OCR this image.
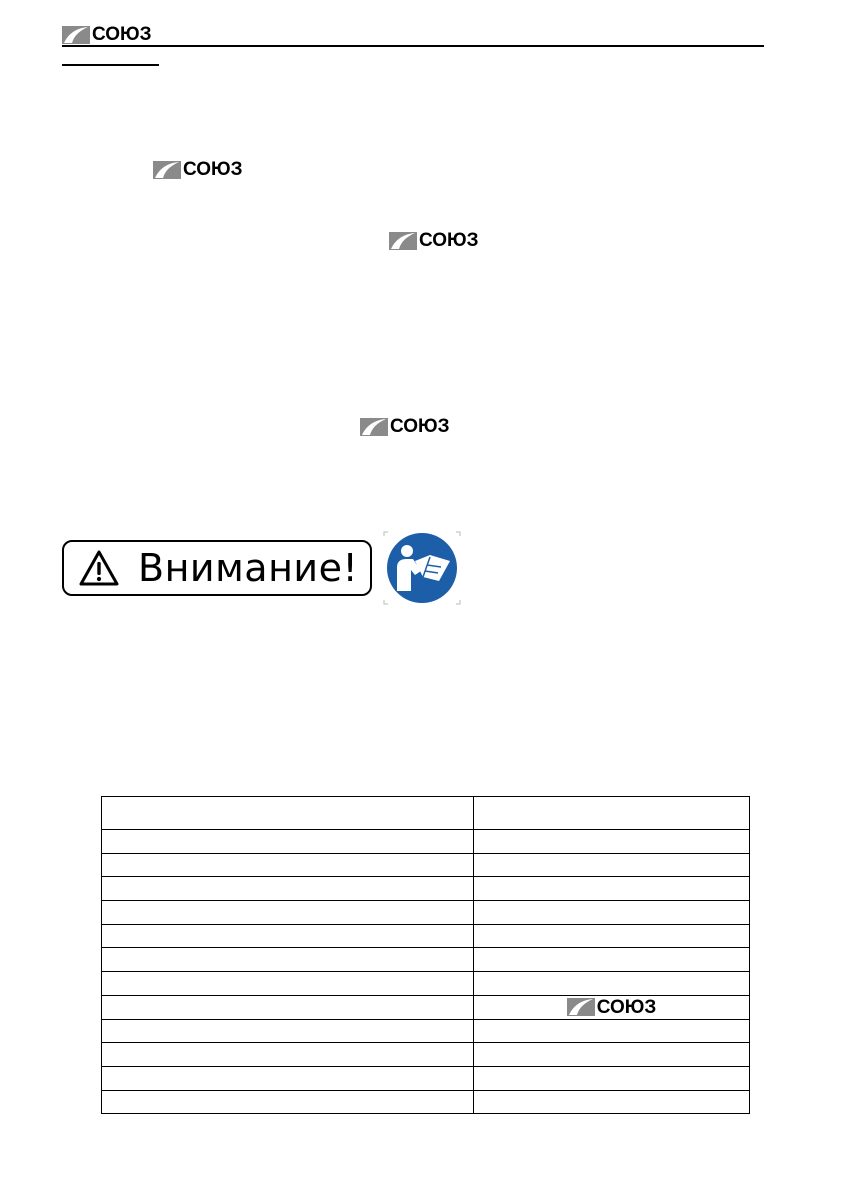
СОЮЗ
СОЮЗ
СОЮЗ
СОЮЗ
Внимание!

	СОЮЗ
